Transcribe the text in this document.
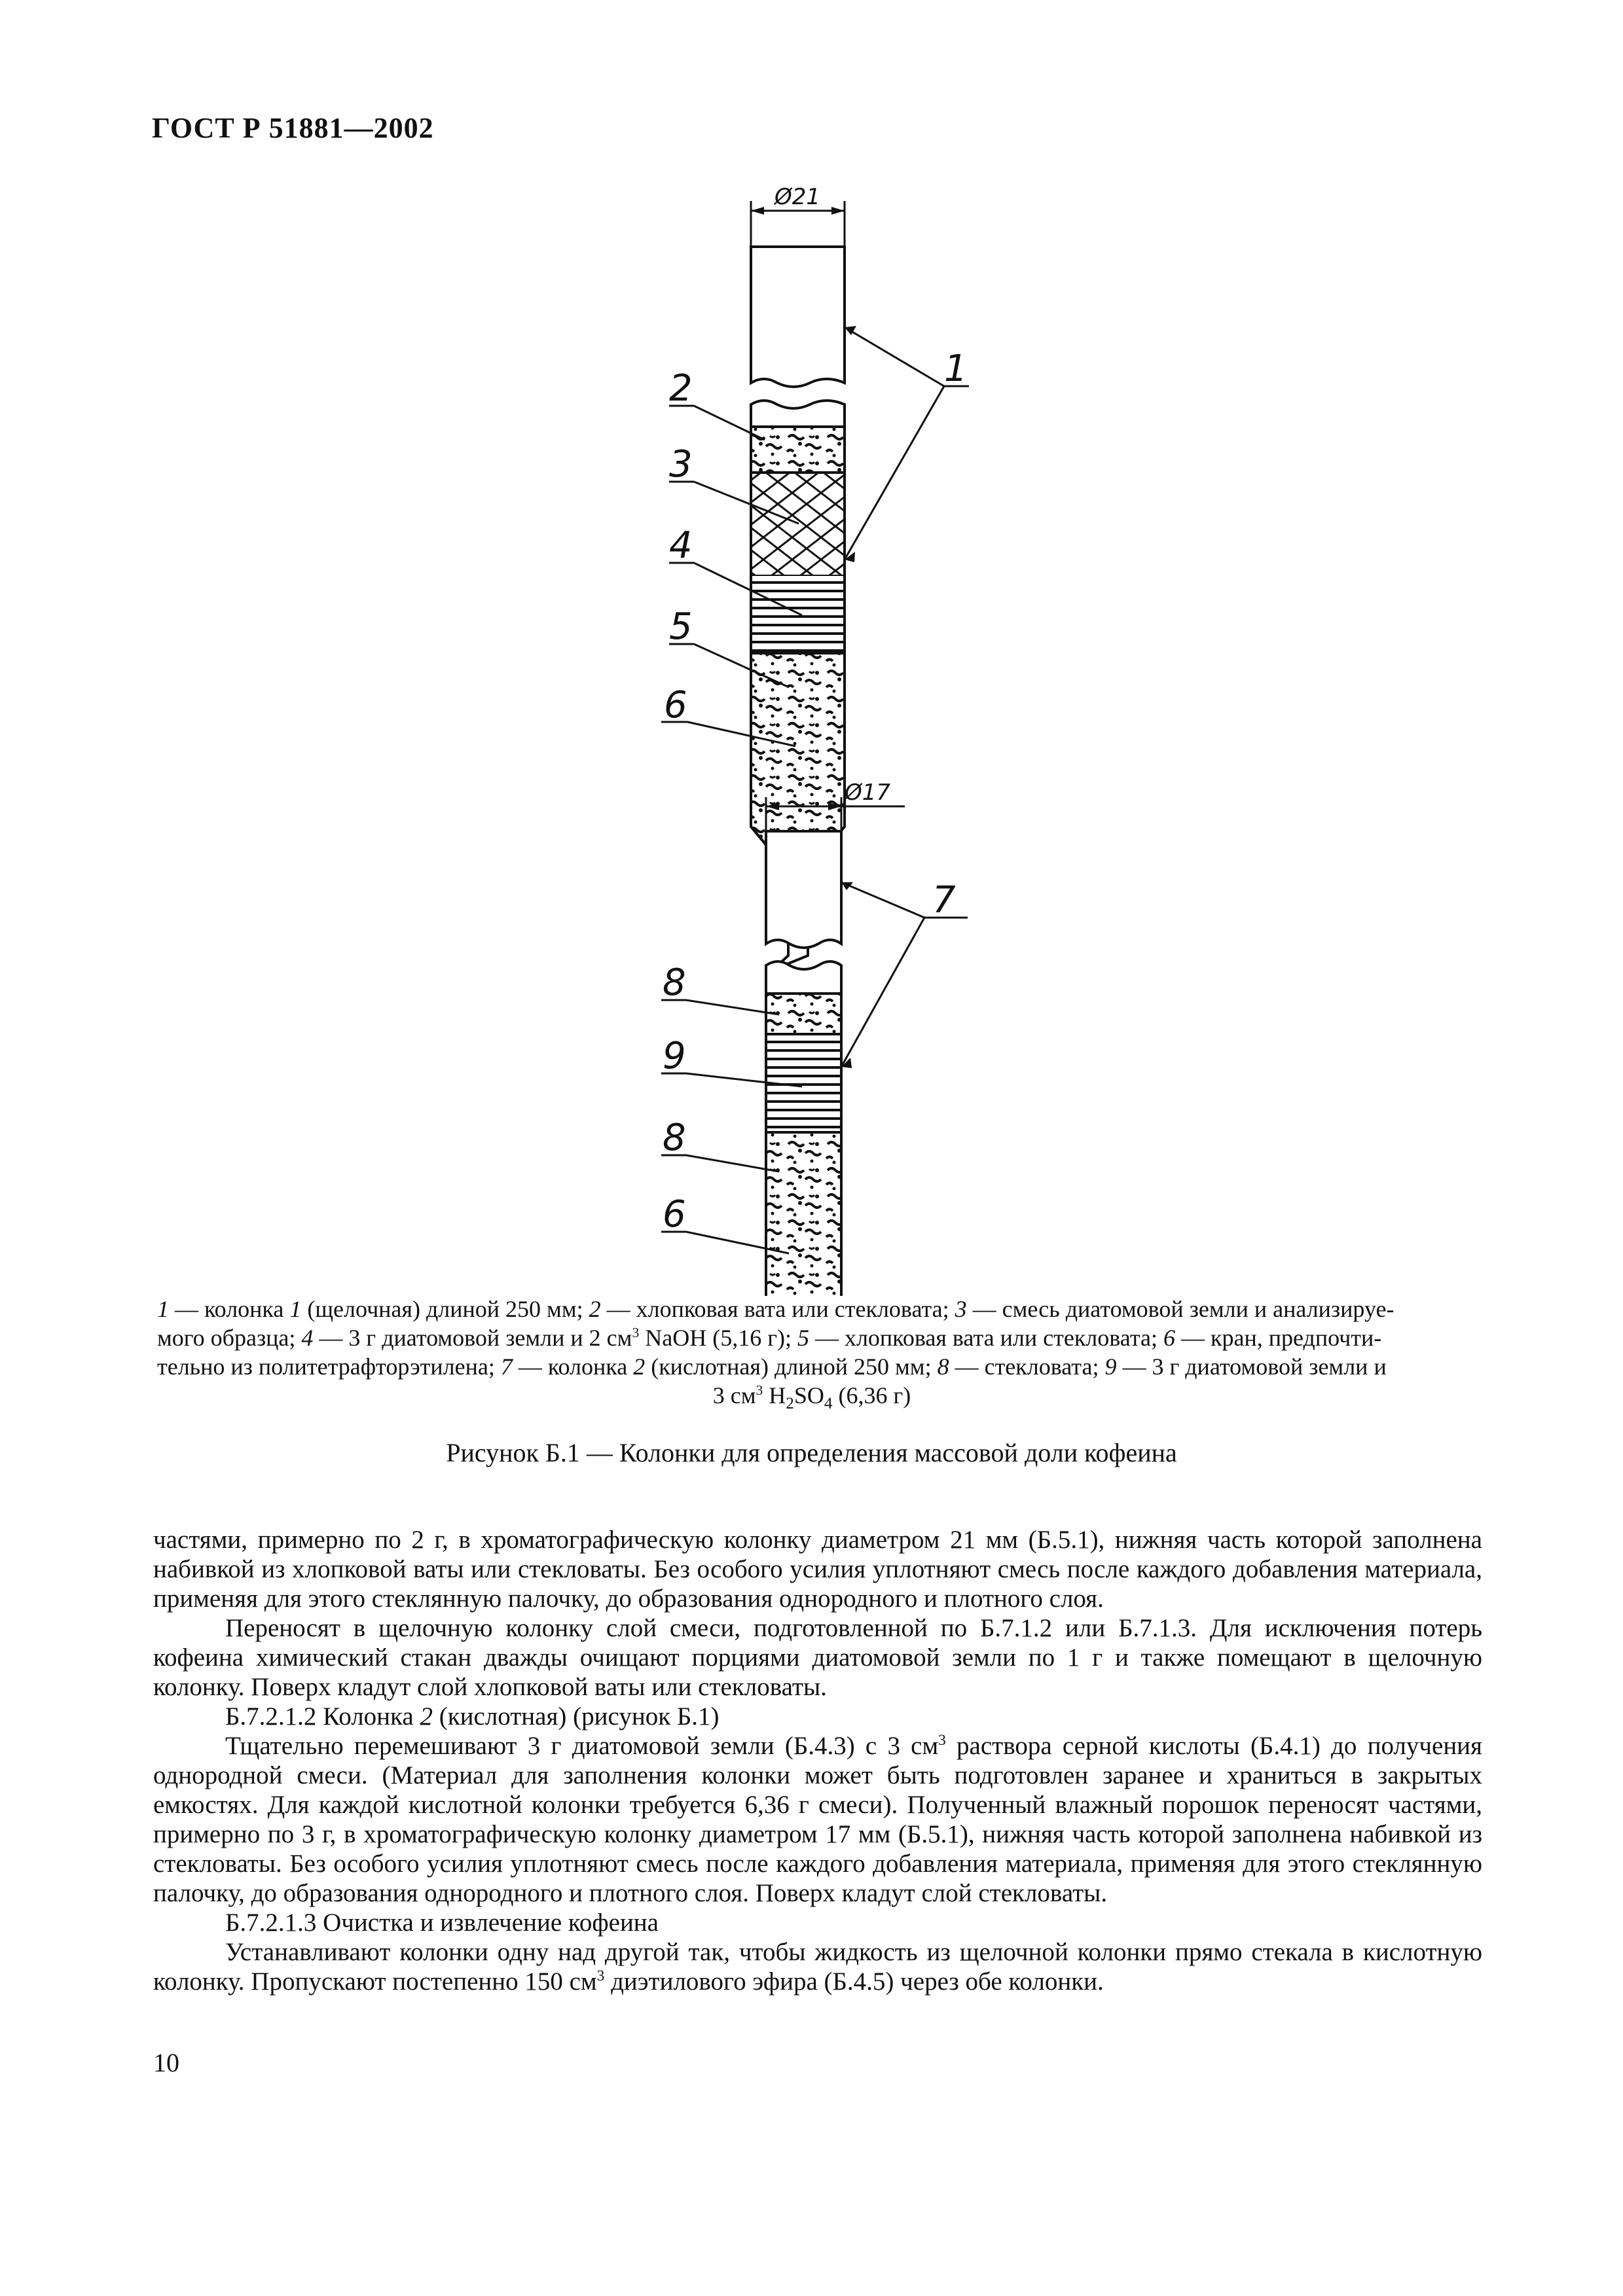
ГОСТ Р 51881—2002
Ø21
1
2
3
4
5
6
Ø17
7
8
9
8
6
1 — колонка 1 (щелочная) длиной 250 мм; 2 — хлопковая вата или стекловата; 3 — смесь диатомовой земли и анализируе-
мого образца; 4 — 3 г диатомовой земли и 2 $см^3$ NaOH (5,16 г); 5 — хлопковая вата или стекловата; 6 — кран, предпочти-
тельно из политетрафторэтилена; 7 — колонка 2 (кислотная) длиной 250 мм; 8 — стекловата; 9 — 3 г диатомовой земли и
3 $см^3$ $H_2SO_4$ (6,36 г)
Рисунок Б.1 — Колонки для определения массовой доли кофеина

частями, примерно по 2 г, в хроматографическую колонку диаметром 21 мм (Б.5.1), нижняя часть которой заполнена набивкой из хлопковой ваты или стекловаты. Без особого усилия уплотняют смесь после каждого добавления материала, применяя для этого стеклянную палочку, до образования однородного и плотного слоя.

Переносят в щелочную колонку слой смеси, подготовленной по Б.7.1.2 или Б.7.1.3. Для исключения потерь кофеина химический стакан дважды очищают порциями диатомовой земли по 1 г и также помещают в щелочную колонку. Поверх кладут слой хлопковой ваты или стекловаты.

Б.7.2.1.2 Колонка 2 (кислотная) (рисунок Б.1)

Тщательно перемешивают 3 г диатомовой земли (Б.4.3) с 3 $см^3$ раствора серной кислоты (Б.4.1) до получения однородной смеси. (Материал для заполнения колонки может быть подготовлен заранее и храниться в закрытых емкостях. Для каждой кислотной колонки требуется 6,36 г смеси). Полученный влажный порошок переносят частями, примерно по 3 г, в хроматографическую колонку диаметром 17 мм (Б.5.1), нижняя часть которой заполнена набивкой из стекловаты. Без особого усилия уплотняют смесь после каждого добавления материала, применяя для этого стеклянную палочку, до образования однородного и плотного слоя. Поверх кладут слой стекловаты.

Б.7.2.1.3 Очистка и извлечение кофеина

Устанавливают колонки одну над другой так, чтобы жидкость из щелочной колонки прямо стекала в кислотную колонку. Пропускают постепенно 150 $см^3$ диэтилового эфира (Б.4.5) через обе колонки.

10
